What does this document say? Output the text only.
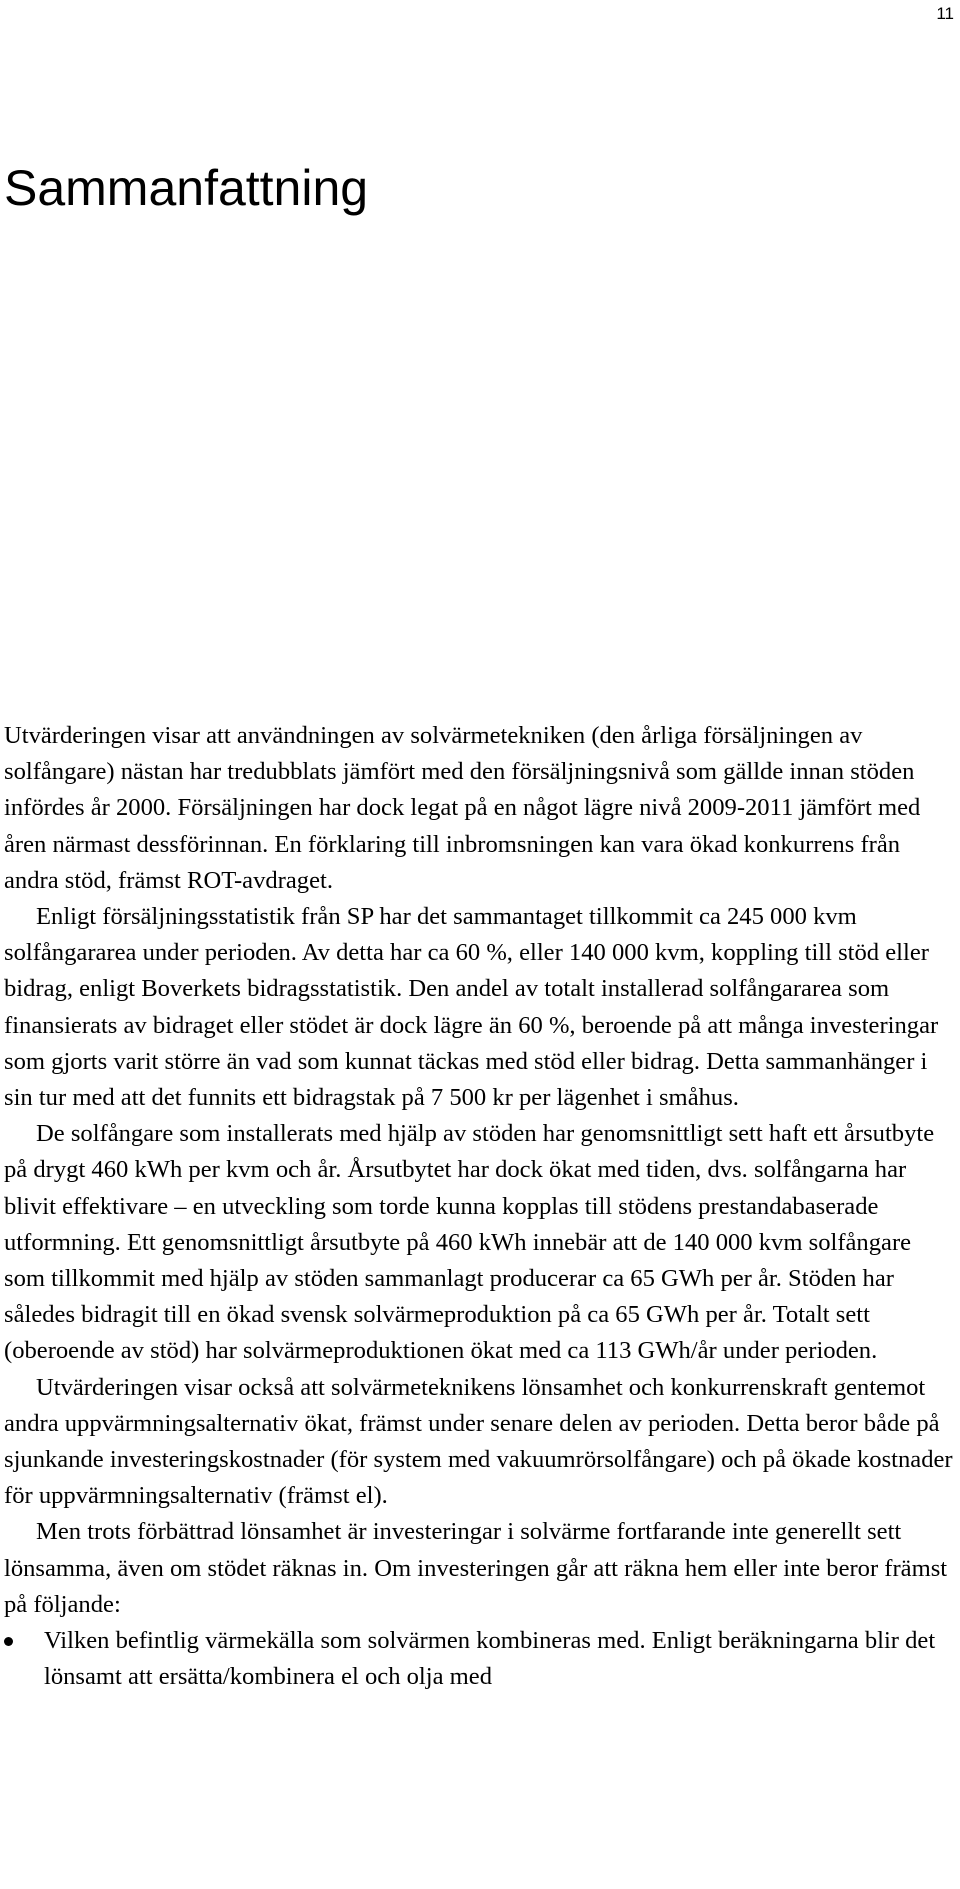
11
Sammanfattning

Utvärderingen visar att användningen av solvärmetekniken (den årliga försäljningen av solfångare) nästan har tredubblats jämfört med den försäljningsnivå som gällde innan stöden infördes år 2000. Försäljningen har dock legat på en något lägre nivå 2009-2011 jämfört med åren närmast dessförinnan. En förklaring till inbromsningen kan vara ökad konkurrens från andra stöd, främst ROT-avdraget.

Enligt försäljningsstatistik från SP har det sammantaget tillkommit ca 245 000 kvm solfångararea under perioden. Av detta har ca 60 %, eller 140 000 kvm, koppling till stöd eller bidrag, enligt Boverkets bidragsstatistik. Den andel av totalt installerad solfångararea som finansierats av bidraget eller stödet är dock lägre än 60 %, beroende på att många investeringar som gjorts varit större än vad som kunnat täckas med stöd eller bidrag. Detta sammanhänger i sin tur med att det funnits ett bidragstak på 7 500 kr per lägenhet i småhus.

De solfångare som installerats med hjälp av stöden har genomsnittligt sett haft ett årsutbyte på drygt 460 kWh per kvm och år. Årsutbytet har dock ökat med tiden, dvs. solfångarna har blivit effektivare – en utveckling som torde kunna kopplas till stödens prestandabaserade utformning. Ett genomsnittligt årsutbyte på 460 kWh innebär att de 140 000 kvm solfångare som tillkommit med hjälp av stöden sammanlagt producerar ca 65 GWh per år. Stöden har således bidragit till en ökad svensk solvärmeproduktion på ca 65 GWh per år. Totalt sett (oberoende av stöd) har solvärmeproduktionen ökat med ca 113 GWh/år under perioden.

Utvärderingen visar också att solvärmeteknikens lönsamhet och konkurrenskraft gentemot andra uppvärmningsalternativ ökat, främst under senare delen av perioden. Detta beror både på sjunkande investeringskostnader (för system med vakuumrörsolfångare) och på ökade kostnader för uppvärmningsalternativ (främst el).

Men trots förbättrad lönsamhet är investeringar i solvärme fortfarande inte generellt sett lönsamma, även om stödet räknas in. Om investeringen går att räkna hem eller inte beror främst på följande:

Vilken befintlig värmekälla som solvärmen kombineras med. Enligt beräkningarna blir det lönsamt att ersätta/kombinera el och olja med
